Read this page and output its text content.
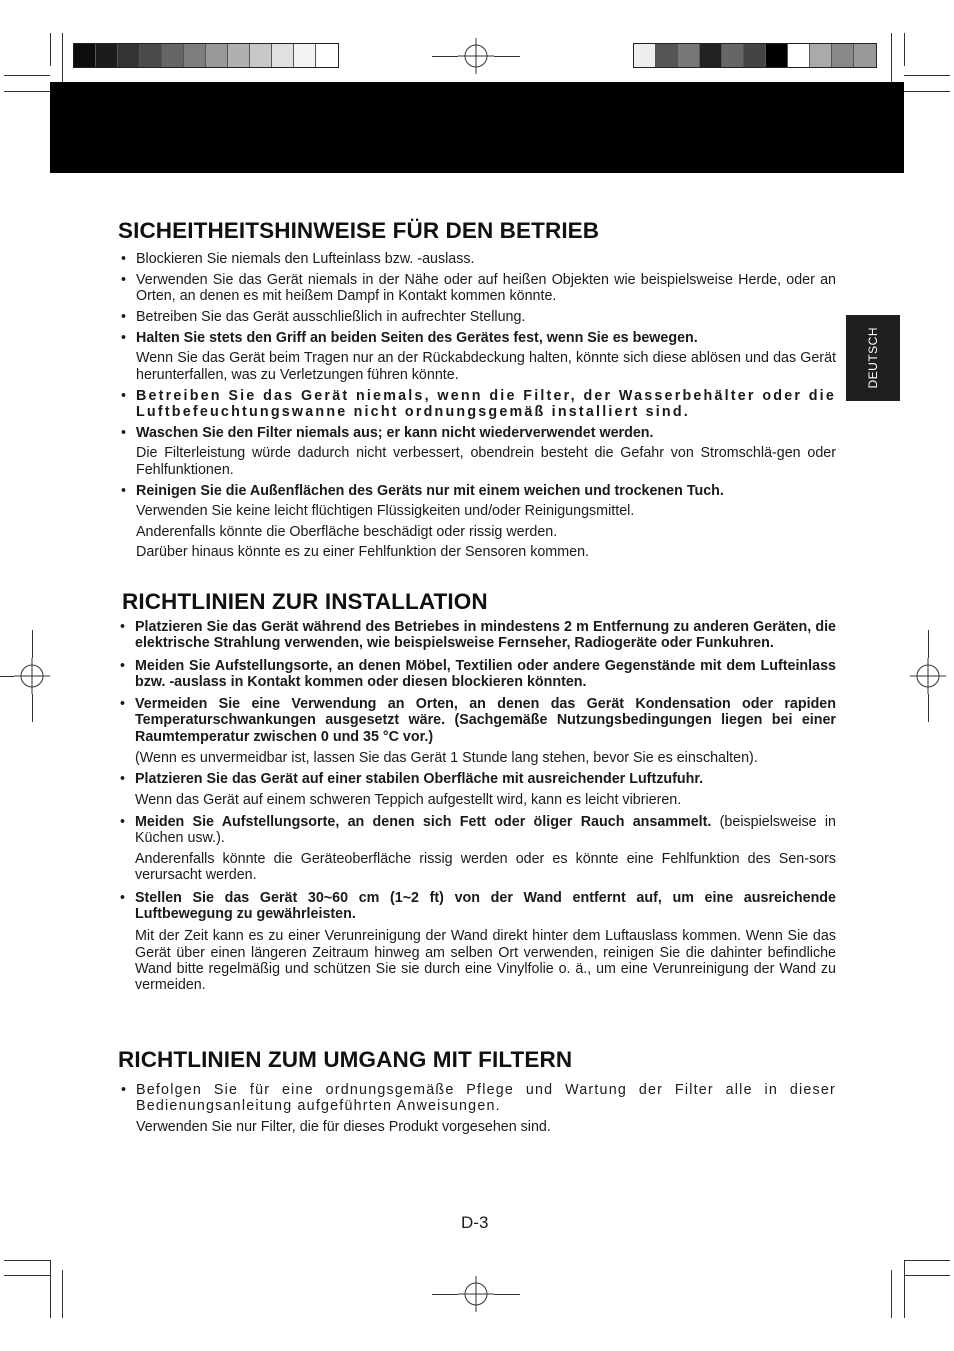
DEUTSCH
SICHEITHEITSHINWEISE FÜR DEN BETRIEB
• Blockieren Sie niemals den Lufteinlass bzw. -auslass.
• Verwenden Sie das Gerät niemals in der Nähe oder auf heißen Objekten wie beispielsweise Herde, oder an Orten, an denen es mit heißem Dampf in Kontakt kommen könnte.
• Betreiben Sie das Gerät ausschließlich in aufrechter Stellung.
• Halten Sie stets den Griff an beiden Seiten des Gerätes fest, wenn Sie es bewegen.
Wenn Sie das Gerät beim Tragen nur an der Rückabdeckung halten, könnte sich diese ablösen und das Gerät herunterfallen, was zu Verletzungen führen könnte.
• Betreiben Sie das Gerät niemals, wenn die Filter, der Wasserbehälter oder die Luftbefeuchtungswanne nicht ordnungsgemäß installiert sind.
• Waschen Sie den Filter niemals aus; er kann nicht wiederverwendet werden.
Die Filterleistung würde dadurch nicht verbessert, obendrein besteht die Gefahr von Stromschlä-gen oder Fehlfunktionen.
• Reinigen Sie die Außenflächen des Geräts nur mit einem weichen und trockenen Tuch.
Verwenden Sie keine leicht flüchtigen Flüssigkeiten und/oder Reinigungsmittel.
Anderenfalls könnte die Oberfläche beschädigt oder rissig werden.
Darüber hinaus könnte es zu einer Fehlfunktion der Sensoren kommen.
RICHTLINIEN ZUR INSTALLATION
• Platzieren Sie das Gerät während des Betriebes in mindestens 2 m Entfernung zu anderen Geräten, die elektrische Strahlung verwenden, wie beispielsweise Fernseher, Radiogeräte oder Funkuhren.
• Meiden Sie Aufstellungsorte, an denen Möbel, Textilien oder andere Gegenstände mit dem Lufteinlass bzw. -auslass in Kontakt kommen oder diesen blockieren könnten.
• Vermeiden Sie eine Verwendung an Orten, an denen das Gerät Kondensation oder rapiden Temperaturschwankungen ausgesetzt wäre. (Sachgemäße Nutzungsbedingungen liegen bei einer Raumtemperatur zwischen 0 und 35 °C vor.)
(Wenn es unvermeidbar ist, lassen Sie das Gerät 1 Stunde lang stehen, bevor Sie es einschalten).
• Platzieren Sie das Gerät auf einer stabilen Oberfläche mit ausreichender Luftzufuhr.
Wenn das Gerät auf einem schweren Teppich aufgestellt wird, kann es leicht vibrieren.
• Meiden Sie Aufstellungsorte, an denen sich Fett oder öliger Rauch ansammelt. (beispielsweise in Küchen usw.).
Anderenfalls könnte die Geräteoberfläche rissig werden oder es könnte eine Fehlfunktion des Sen-sors verursacht werden.
• Stellen Sie das Gerät 30~60 cm (1~2 ft) von der Wand entfernt auf, um eine ausreichende Luftbewegung zu gewährleisten.
Mit der Zeit kann es zu einer Verunreinigung der Wand direkt hinter dem Luftauslass kommen. Wenn Sie das Gerät über einen längeren Zeitraum hinweg am selben Ort verwenden, reinigen Sie die dahinter befindliche Wand bitte regelmäßig und schützen Sie sie durch eine Vinylfolie o. ä., um eine Verunreinigung der Wand zu vermeiden.
RICHTLINIEN ZUM UMGANG MIT FILTERN
• Befolgen Sie für eine ordnungsgemäße Pflege und Wartung der Filter alle in dieser Bedienungsanleitung aufgeführten Anweisungen.
Verwenden Sie nur Filter, die für dieses Produkt vorgesehen sind.
D-3
